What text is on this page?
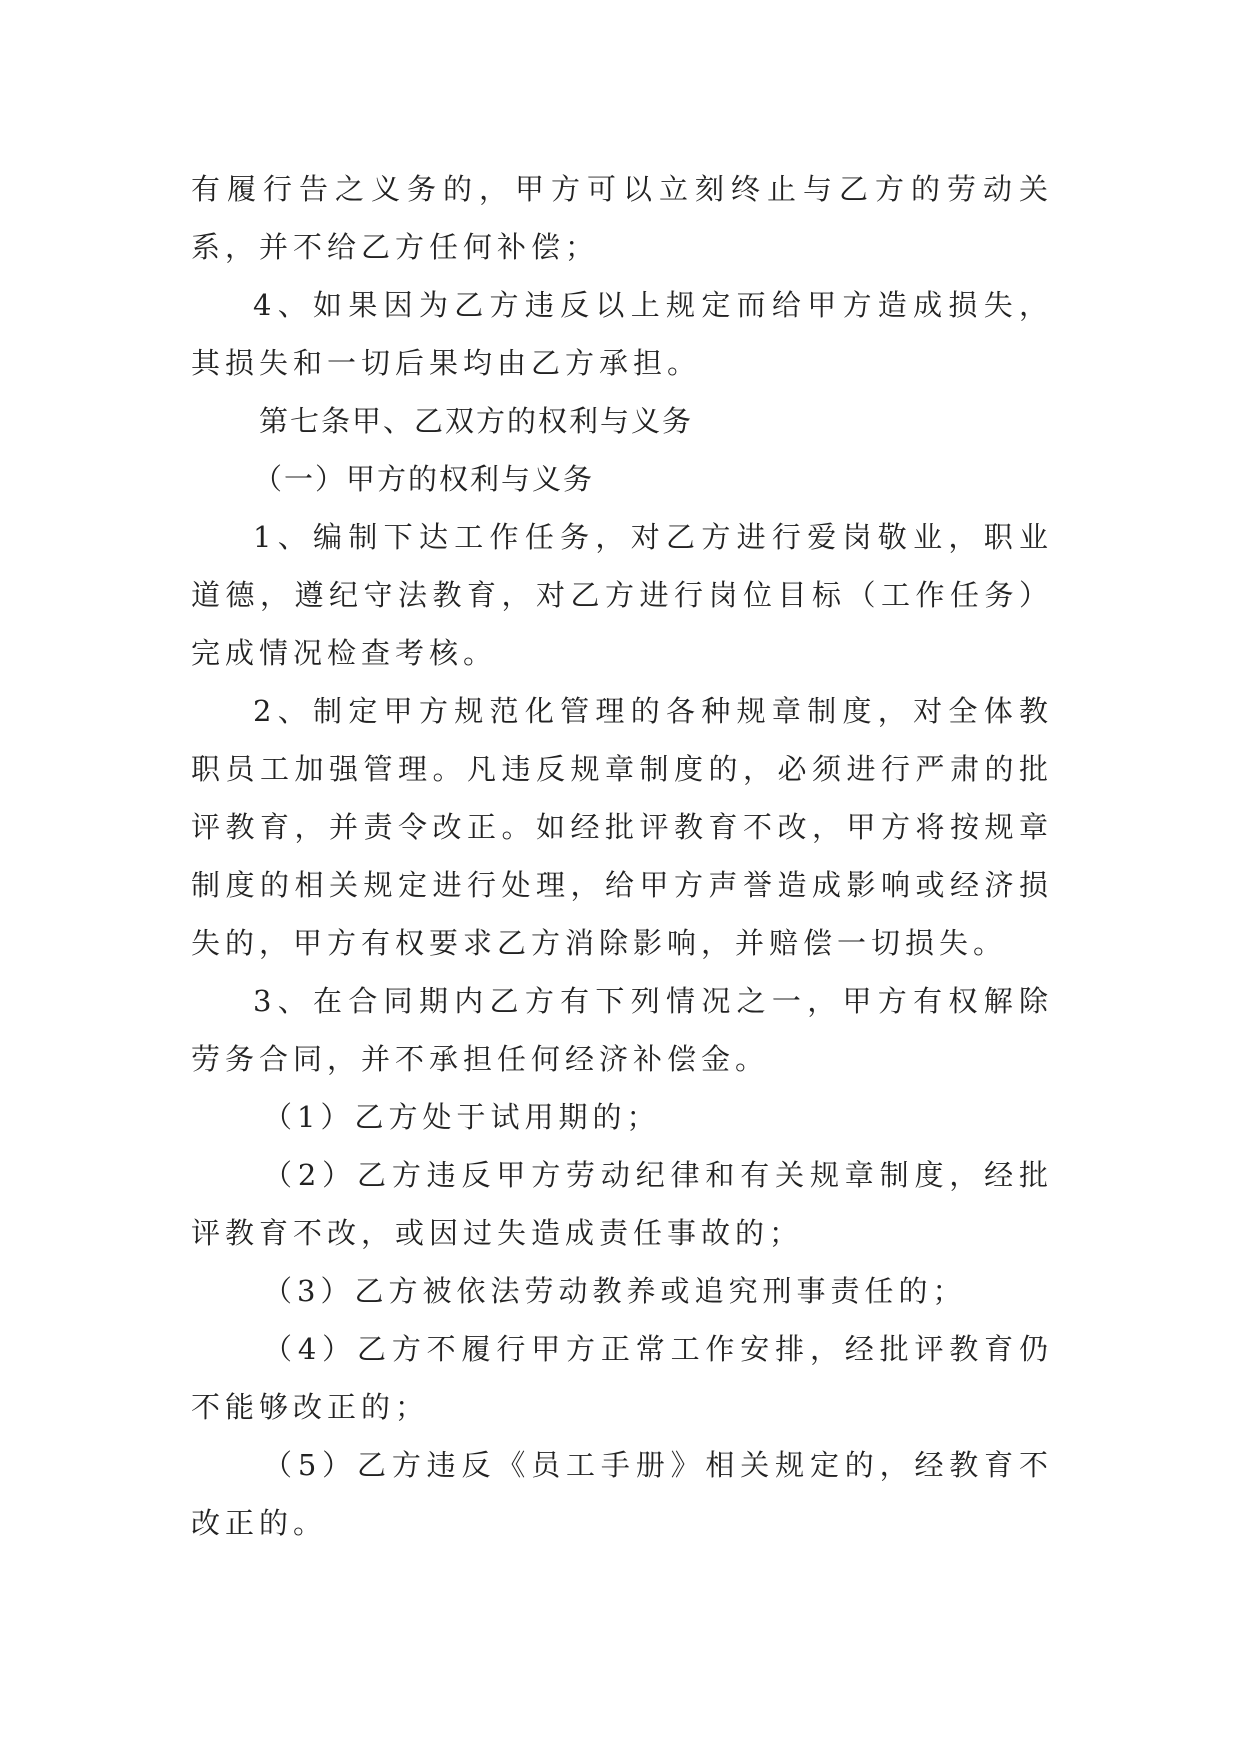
有履行告之义务的，甲方可以立刻终止与乙方的劳动关系，并不给乙方任何补偿；

4、如果因为乙方违反以上规定而给甲方造成损失，其损失和一切后果均由乙方承担。

第七条甲、乙双方的权利与义务

（一）甲方的权利与义务

1、编制下达工作任务，对乙方进行爱岗敬业，职业道德，遵纪守法教育，对乙方进行岗位目标（工作任务）完成情况检查考核。

2、制定甲方规范化管理的各种规章制度，对全体教职员工加强管理。凡违反规章制度的，必须进行严肃的批评教育，并责令改正。如经批评教育不改，甲方将按规章制度的相关规定进行处理，给甲方声誉造成影响或经济损失的，甲方有权要求乙方消除影响，并赔偿一切损失。

3、在合同期内乙方有下列情况之一，甲方有权解除劳务合同，并不承担任何经济补偿金。

（1）乙方处于试用期的；

（2）乙方违反甲方劳动纪律和有关规章制度，经批评教育不改，或因过失造成责任事故的；

（3）乙方被依法劳动教养或追究刑事责任的；

（4）乙方不履行甲方正常工作安排，经批评教育仍不能够改正的；

（5）乙方违反《员工手册》相关规定的，经教育不改正的。
